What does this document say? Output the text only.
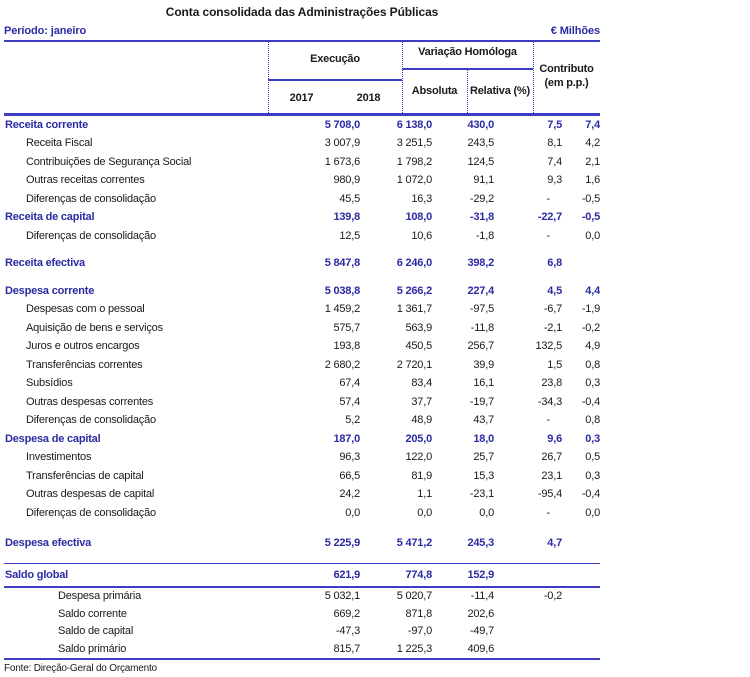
Conta consolidada das Administrações Públicas
Período: janeiro	€ Milhões
Execução
2017	2018
Variação Homóloga
Absoluta	Relativa (%)
Contributo
(em p.p.)
Receita corrente	5 708,0	6 138,0	430,0	7,5	7,4
Receita Fiscal	3 007,9	3 251,5	243,5	8,1	4,2
Contribuições de Segurança Social	1 673,6	1 798,2	124,5	7,4	2,1
Outras receitas correntes	980,9	1 072,0	91,1	9,3	1,6
Diferenças de consolidação	45,5	16,3	-29,2	-	-0,5
Receita de capital	139,8	108,0	-31,8	-22,7	-0,5
Diferenças de consolidação	12,5	10,6	-1,8	-	0,0

Receita efectiva	5 847,8	6 246,0	398,2	6,8	

Despesa corrente	5 038,8	5 266,2	227,4	4,5	4,4
Despesas com o pessoal	1 459,2	1 361,7	-97,5	-6,7	-1,9
Aquisição de bens e serviços	575,7	563,9	-11,8	-2,1	-0,2
Juros e outros encargos	193,8	450,5	256,7	132,5	4,9
Transferências correntes	2 680,2	2 720,1	39,9	1,5	0,8
Subsídios	67,4	83,4	16,1	23,8	0,3
Outras despesas correntes	57,4	37,7	-19,7	-34,3	-0,4
Diferenças de consolidação	5,2	48,9	43,7	-	0,8
Despesa de capital	187,0	205,0	18,0	9,6	0,3
Investimentos	96,3	122,0	25,7	26,7	0,5
Transferências de capital	66,5	81,9	15,3	23,1	0,3
Outras despesas de capital	24,2	1,1	-23,1	-95,4	-0,4
Diferenças de consolidação	0,0	0,0	0,0	-	0,0

Despesa efectiva	5 225,9	5 471,2	245,3	4,7	

Saldo global	621,9	774,8	152,9		
Despesa primária	5 032,1	5 020,7	-11,4	-0,2	
Saldo corrente	669,2	871,8	202,6		
Saldo de capital	-47,3	-97,0	-49,7		
Saldo primário	815,7	1 225,3	409,6		
Fonte: Direção-Geral do Orçamento
